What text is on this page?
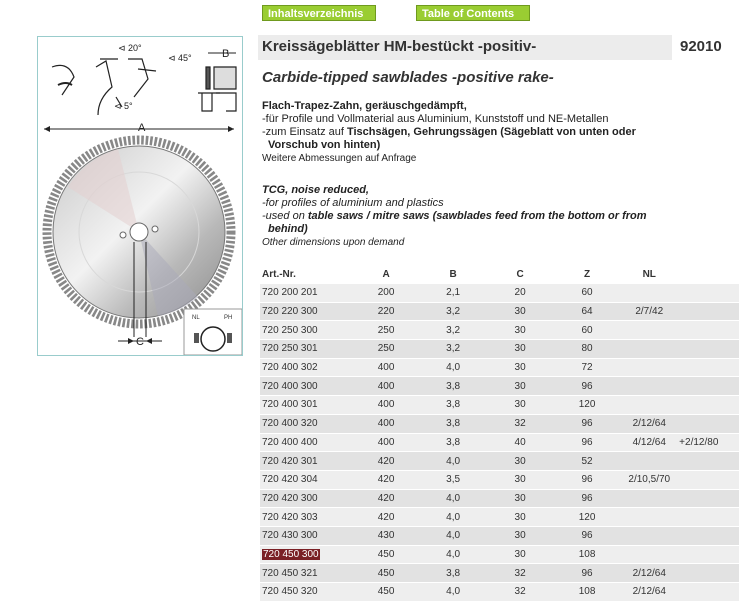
Inhaltsverzeichnis	Table of Contents
⊲ 20°
⊲ 45°
⊲ 5°
B
A
C
NL	PH
Kreissägeblätter HM-bestückt -positiv-	92010
Carbide-tipped sawblades -positive rake-
Flach-Trapez-Zahn, geräuschgedämpft,
-für Profile und Vollmaterial aus Aluminium, Kunststoff und NE-Metallen
-zum Einsatz auf Tischsägen, Gehrungssägen (Sägeblatt von unten oder
Vorschub von hinten)
Weitere Abmessungen auf Anfrage
TCG, noise reduced,
-for profiles of aluminium and plastics
-used on table saws / mitre saws (sawblades feed from the bottom or from
behind)
Other dimensions upon demand
Art.-Nr.	A	B	C	Z	NL	
720 200 201	200	2,1	20	60		
720 220 300	220	3,2	30	64	2/7/42	
720 250 300	250	3,2	30	60		
720 250 301	250	3,2	30	80		
720 400 302	400	4,0	30	72		
720 400 300	400	3,8	30	96		
720 400 301	400	3,8	30	120		
720 400 320	400	3,8	32	96	2/12/64	
720 400 400	400	3,8	40	96	4/12/64	+2/12/80
720 420 301	420	4,0	30	52		
720 420 304	420	3,5	30	96	2/10,5/70	
720 420 300	420	4,0	30	96		
720 420 303	420	4,0	30	120		
720 430 300	430	4,0	30	96		
720 450 300	450	4,0	30	108		
720 450 321	450	3,8	32	96	2/12/64	
720 450 320	450	4,0	32	108	2/12/64	
